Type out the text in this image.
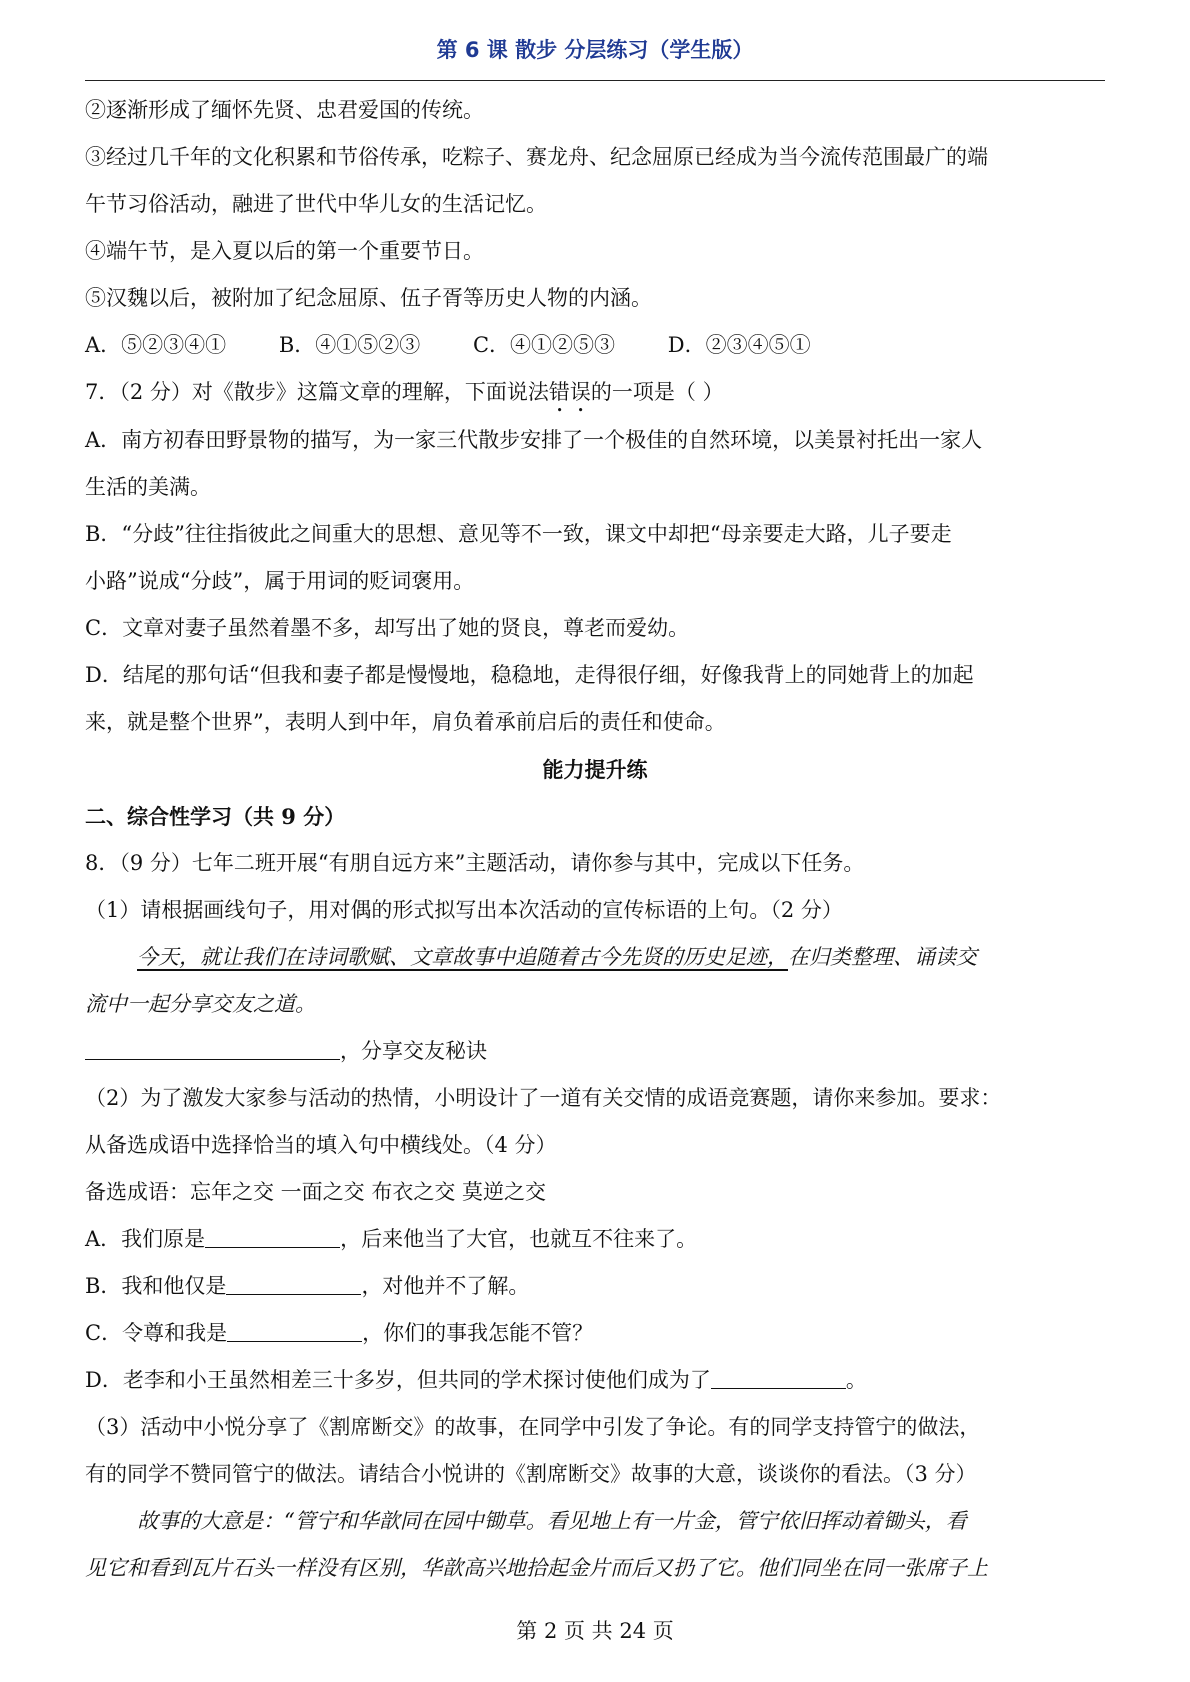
第 6 课 散步 分层练习（学生版）
②逐渐形成了缅怀先贤、忠君爱国的传统。
③经过几千年的文化积累和节俗传承，吃粽子、赛龙舟、纪念屈原已经成为当今流传范围最广的端
午节习俗活动，融进了世代中华儿女的生活记忆。
④端午节，是入夏以后的第一个重要节日。
⑤汉魏以后，被附加了纪念屈原、伍子胥等历史人物的内涵。
A．⑤②③④①	B．④①⑤②③	C．④①②⑤③	D．②③④⑤①
7．（2 分）对《散步》这篇文章的理解，下面说法错误的一项是（ ）
A．南方初春田野景物的描写，为一家三代散步安排了一个极佳的自然环境，以美景衬托出一家人
生活的美满。
B．“分歧”往往指彼此之间重大的思想、意见等不一致，课文中却把“母亲要走大路，儿子要走
小路”说成“分歧”，属于用词的贬词褒用。
C．文章对妻子虽然着墨不多，却写出了她的贤良，尊老而爱幼。
D．结尾的那句话“但我和妻子都是慢慢地，稳稳地，走得很仔细，好像我背上的同她背上的加起
来，就是整个世界”，表明人到中年，肩负着承前启后的责任和使命。
能力提升练
二、综合性学习（共 9 分）
8．（9 分）七年二班开展“有朋自远方来”主题活动，请你参与其中，完成以下任务。
（1）请根据画线句子，用对偶的形式拟写出本次活动的宣传标语的上句。（2 分）
今天，就让我们在诗词歌赋、文章故事中追随着古今先贤的历史足迹，在归类整理、诵读交
流中一起分享交友之道。
，分享交友秘诀
（2）为了激发大家参与活动的热情，小明设计了一道有关交情的成语竞赛题，请你来参加。要求：
从备选成语中选择恰当的填入句中横线处。（4 分）
备选成语：忘年之交 一面之交 布衣之交 莫逆之交
A．我们原是	，后来他当了大官，也就互不往来了。
B．我和他仅是	，对他并不了解。
C．令尊和我是	，你们的事我怎能不管？
D．老李和小王虽然相差三十多岁，但共同的学术探讨使他们成为了	。
（3）活动中小悦分享了《割席断交》的故事，在同学中引发了争论。有的同学支持管宁的做法，
有的同学不赞同管宁的做法。请结合小悦讲的《割席断交》故事的大意，谈谈你的看法。（3 分）
故事的大意是：“管宁和华歆同在园中锄草。看见地上有一片金，管宁依旧挥动着锄头，看
见它和看到瓦片石头一样没有区别，华歆高兴地拾起金片而后又扔了它。他们同坐在同一张席子上
第 2 页 共 24 页
